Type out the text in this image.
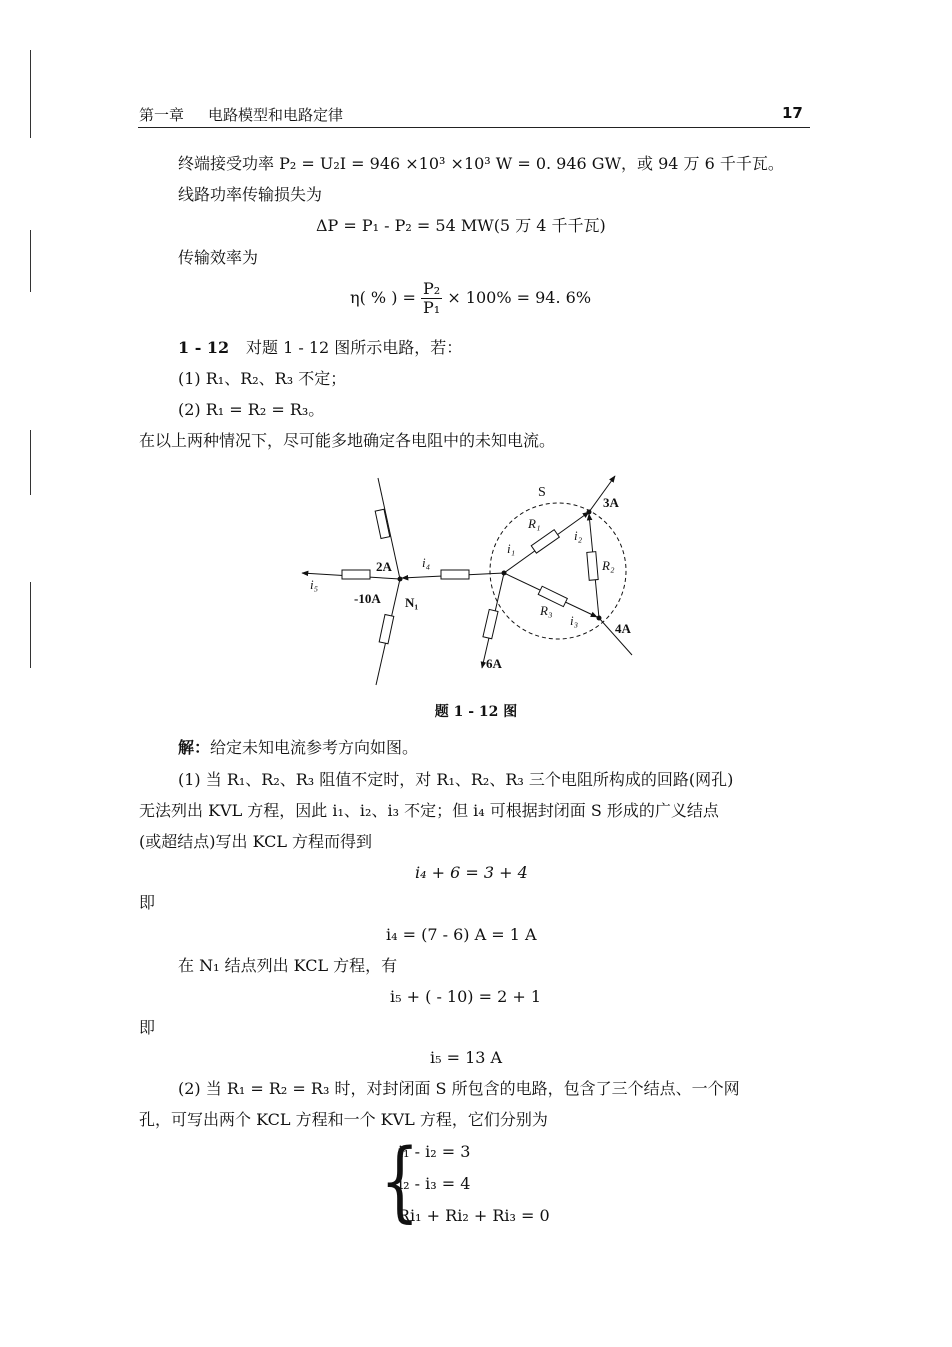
第一章 电路模型和电路定律	17
终端接受功率 P₂ = U₂I = 946 ×10³ ×10³ W = 0. 946 GW，或 94 万 6 千千瓦。
线路功率传输损失为
ΔP = P₁ - P₂ = 54 MW(5 万 4 千千瓦)
传输效率为
η( % ) = $\frac{\text{P₂}}{\text{P₁}} \times 100\% = 94$. 6%
1 - 12 对题 1 - 12 图所示电路，若：
(1) R₁、R₂、R₃ 不定；
(2) R₁ = R₂ = R₃。
在以上两种情况下，尽可能多地确定各电阻中的未知电流。
S
3A
4A
6A
2A
-10A N₁
i₁
i₂
i₃
i₄
i₅
R₁
R₂
R₃
题 1 - 12 图
解：给定未知电流参考方向如图。
(1) 当 R₁、R₂、R₃ 阻值不定时，对 R₁、R₂、R₃ 三个电阻所构成的回路(网孔)
无法列出 KVL 方程，因此 i₁、i₂、i₃ 不定；但 i₄ 可根据封闭面 S 形成的广义结点
(或超结点)写出 KCL 方程而得到
i₄ + 6 = 3 + 4
即
i₄ = (7 - 6) A = 1 A
在 N₁ 结点列出 KCL 方程，有
i₅ + ( - 10) = 2 + 1
即
i₅ = 13 A
(2) 当 R₁ = R₂ = R₃ 时，对封闭面 S 所包含的电路，包含了三个结点、一个网
孔，可写出两个 KCL 方程和一个 KVL 方程，它们分别为
{
i₁ - i₂ = 3
i₂ - i₃ = 4
Ri₁ + Ri₂ + Ri₃ = 0
